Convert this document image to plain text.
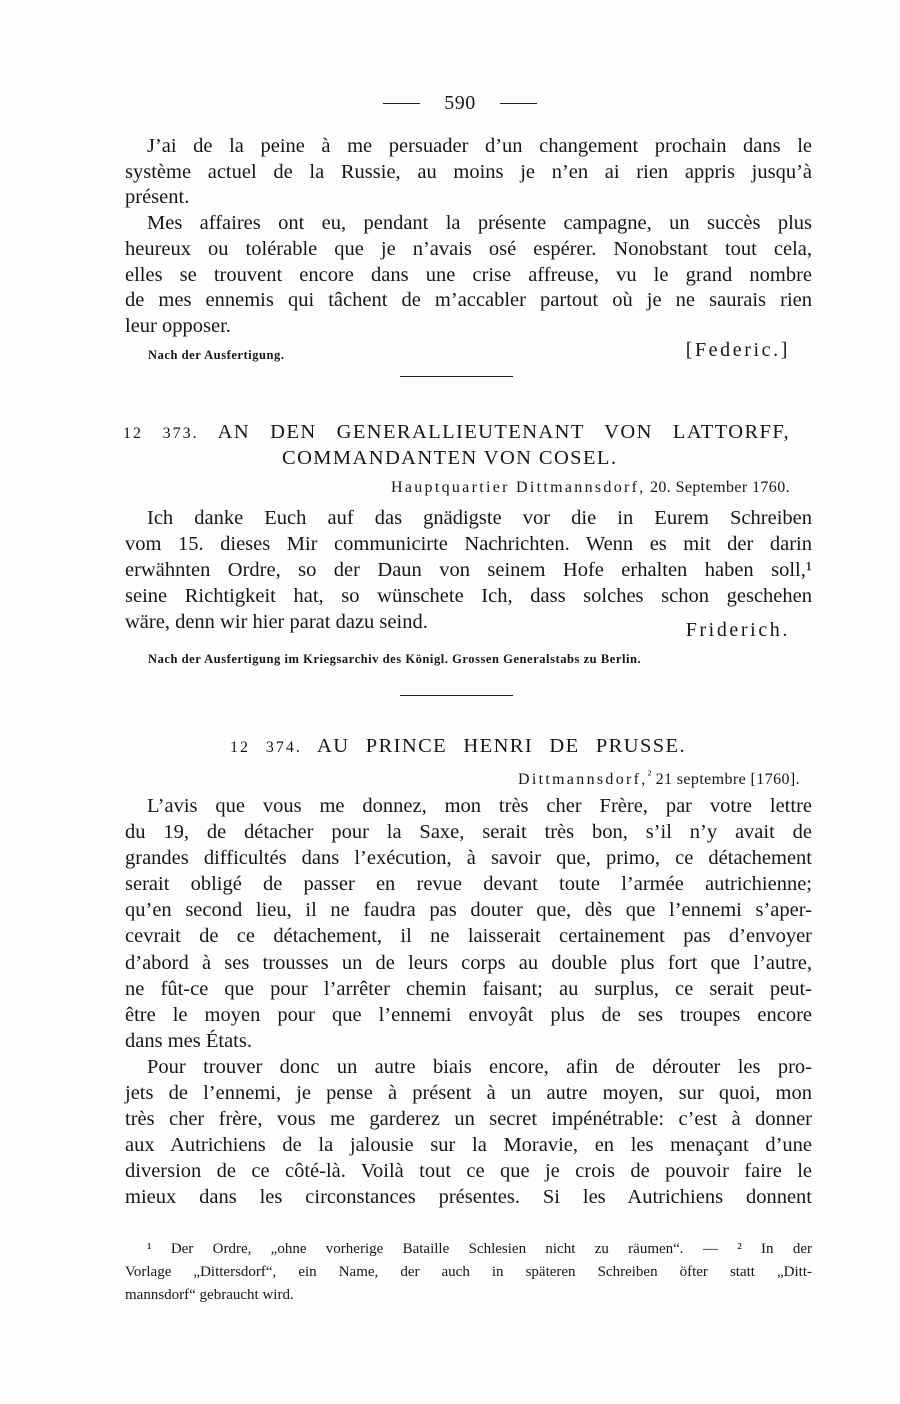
590
J’ai de la peine à me persuader d’un changement prochain dans le
système actuel de la Russie, au moins je n’en ai rien appris jusqu’à
présent.
Mes affaires ont eu, pendant la présente campagne, un succès plus
heureux ou tolérable que je n’avais osé espérer. Nonobstant tout cela,
elles se trouvent encore dans une crise affreuse, vu le grand nombre
de mes ennemis qui tâchent de m’accabler partout où je ne saurais rien
leur opposer.
Nach der Ausfertigung.	[Federic.]
12 373. AN DEN GENERALLIEUTENANT VON LATTORFF,
COMMANDANTEN VON COSEL.
Hauptquartier Dittmannsdorf, 20. September 1760.
Ich danke Euch auf das gnädigste vor die in Eurem Schreiben
vom 15. dieses Mir communicirte Nachrichten. Wenn es mit der darin
erwähnten Ordre, so der Daun von seinem Hofe erhalten haben soll,¹
seine Richtigkeit hat, so wünschete Ich, dass solches schon geschehen
wäre, denn wir hier parat dazu seind.	Friderich.
Nach der Ausfertigung im Kriegsarchiv des Königl. Grossen Generalstabs zu Berlin.
12 374. AU PRINCE HENRI DE PRUSSE.
Dittmannsdorf,$^{^2}$ 21 septembre [1760].
L’avis que vous me donnez, mon très cher Frère, par votre lettre
du 19, de détacher pour la Saxe, serait très bon, s’il n’y avait de
grandes difficultés dans l’exécution, à savoir que, primo, ce détachement
serait obligé de passer en revue devant toute l’armée autrichienne;
qu’en second lieu, il ne faudra pas douter que, dès que l’ennemi s’aper-
cevrait de ce détachement, il ne laisserait certainement pas d’envoyer
d’abord à ses trousses un de leurs corps au double plus fort que l’autre,
ne fût-ce que pour l’arrêter chemin faisant; au surplus, ce serait peut-
être le moyen pour que l’ennemi envoyât plus de ses troupes encore
dans mes États.
Pour trouver donc un autre biais encore, afin de dérouter les pro-
jets de l’ennemi, je pense à présent à un autre moyen, sur quoi, mon
très cher frère, vous me garderez un secret impénétrable: c’est à donner
aux Autrichiens de la jalousie sur la Moravie, en les menaçant d’une
diversion de ce côté-là. Voilà tout ce que je crois de pouvoir faire le
mieux dans les circonstances présentes. Si les Autrichiens donnent
¹ Der Ordre, „ohne vorherige Bataille Schlesien nicht zu räumen“. — ² In der
Vorlage „Dittersdorf“, ein Name, der auch in späteren Schreiben öfter statt „Ditt-
mannsdorf“ gebraucht wird.
